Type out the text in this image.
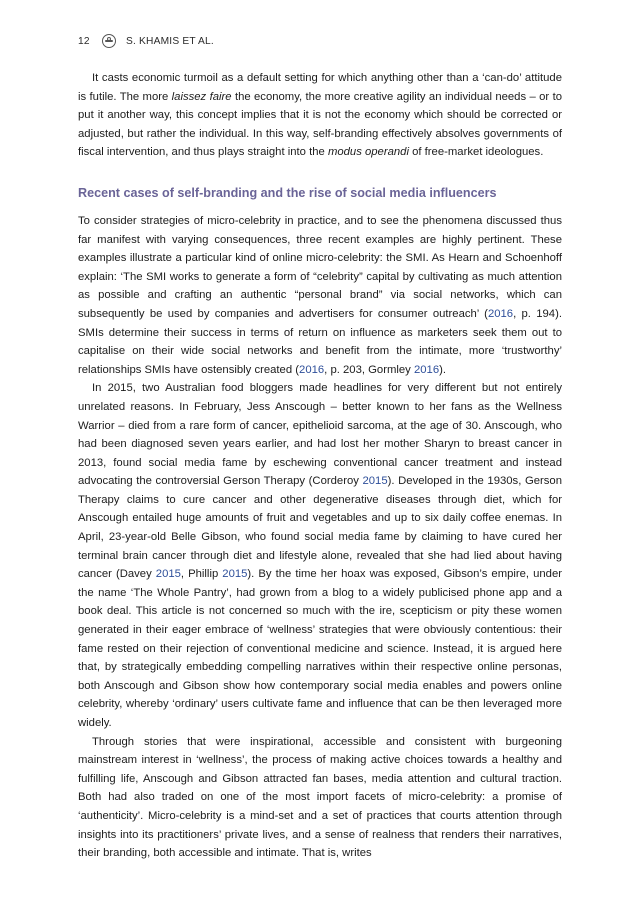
12	S. KHAMIS ET AL.

It casts economic turmoil as a default setting for which anything other than a ‘can-do’ attitude is futile. The more laissez faire the economy, the more creative agility an individual needs – or to put it another way, this concept implies that it is not the economy which should be corrected or adjusted, but rather the individual. In this way, self-branding effectively absolves governments of fiscal intervention, and thus plays straight into the modus operandi of free-market ideologues.

Recent cases of self-branding and the rise of social media influencers

To consider strategies of micro-celebrity in practice, and to see the phenomena discussed thus far manifest with varying consequences, three recent examples are highly pertinent. These examples illustrate a particular kind of online micro-celebrity: the SMI. As Hearn and Schoenhoff explain: ‘The SMI works to generate a form of “celebrity” capital by cultivating as much attention as possible and crafting an authentic “personal brand” via social networks, which can subsequently be used by companies and advertisers for consumer outreach’ (2016, p. 194). SMIs determine their success in terms of return on influence as marketers seek them out to capitalise on their wide social networks and benefit from the intimate, more ‘trustworthy’ relationships SMIs have ostensibly created (2016, p. 203, Gormley 2016).

In 2015, two Australian food bloggers made headlines for very different but not entirely unrelated reasons. In February, Jess Anscough – better known to her fans as the Wellness Warrior – died from a rare form of cancer, epithelioid sarcoma, at the age of 30. Anscough, who had been diagnosed seven years earlier, and had lost her mother Sharyn to breast cancer in 2013, found social media fame by eschewing conventional cancer treatment and instead advocating the controversial Gerson Therapy (Corderoy 2015). Developed in the 1930s, Gerson Therapy claims to cure cancer and other degenerative diseases through diet, which for Anscough entailed huge amounts of fruit and vegetables and up to six daily coffee enemas. In April, 23-year-old Belle Gibson, who found social media fame by claiming to have cured her terminal brain cancer through diet and lifestyle alone, revealed that she had lied about having cancer (Davey 2015, Phillip 2015). By the time her hoax was exposed, Gibson’s empire, under the name ‘The Whole Pantry’, had grown from a blog to a widely publicised phone app and a book deal. This article is not concerned so much with the ire, scepticism or pity these women generated in their eager embrace of ‘wellness’ strategies that were obviously contentious: their fame rested on their rejection of conventional medicine and science. Instead, it is argued here that, by strategically embedding compelling narratives within their respective online personas, both Anscough and Gibson show how contemporary social media enables and powers online celebrity, whereby ‘ordinary’ users cultivate fame and influence that can be then leveraged more widely.

Through stories that were inspirational, accessible and consistent with burgeoning mainstream interest in ‘wellness’, the process of making active choices towards a healthy and fulfilling life, Anscough and Gibson attracted fan bases, media attention and cultural traction. Both had also traded on one of the most import facets of micro-celebrity: a promise of ‘authenticity’. Micro-celebrity is a mind-set and a set of practices that courts attention through insights into its practitioners’ private lives, and a sense of realness that renders their narratives, their branding, both accessible and intimate. That is, writes
